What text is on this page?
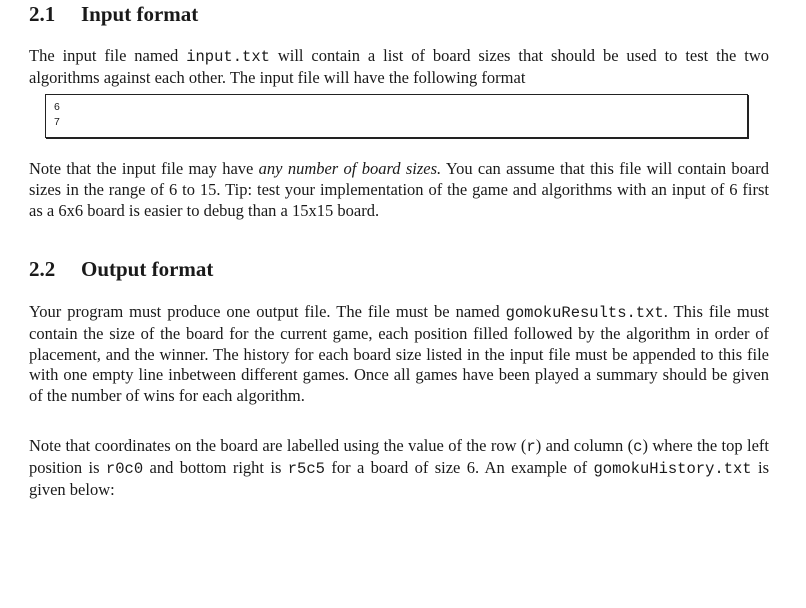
2.1 Input format

The input file named input.txt will contain a list of board sizes that should be used to test the two algorithms against each other. The input file will have the following format

6
7

Note that the input file may have any number of board sizes. You can assume that this file will contain board sizes in the range of 6 to 15. Tip: test your implementation of the game and algorithms with an input of 6 first as a 6x6 board is easier to debug than a 15x15 board.

2.2 Output format

Your program must produce one output file. The file must be named gomokuResults.txt. This file must contain the size of the board for the current game, each position filled followed by the algorithm in order of placement, and the winner. The history for each board size listed in the input file must be appended to this file with one empty line inbetween different games. Once all games have been played a summary should be given of the number of wins for each algorithm.

Note that coordinates on the board are labelled using the value of the row (r) and column (c) where the top left position is r0c0 and bottom right is r5c5 for a board of size 6. An example of gomokuHistory.txt is given below:
